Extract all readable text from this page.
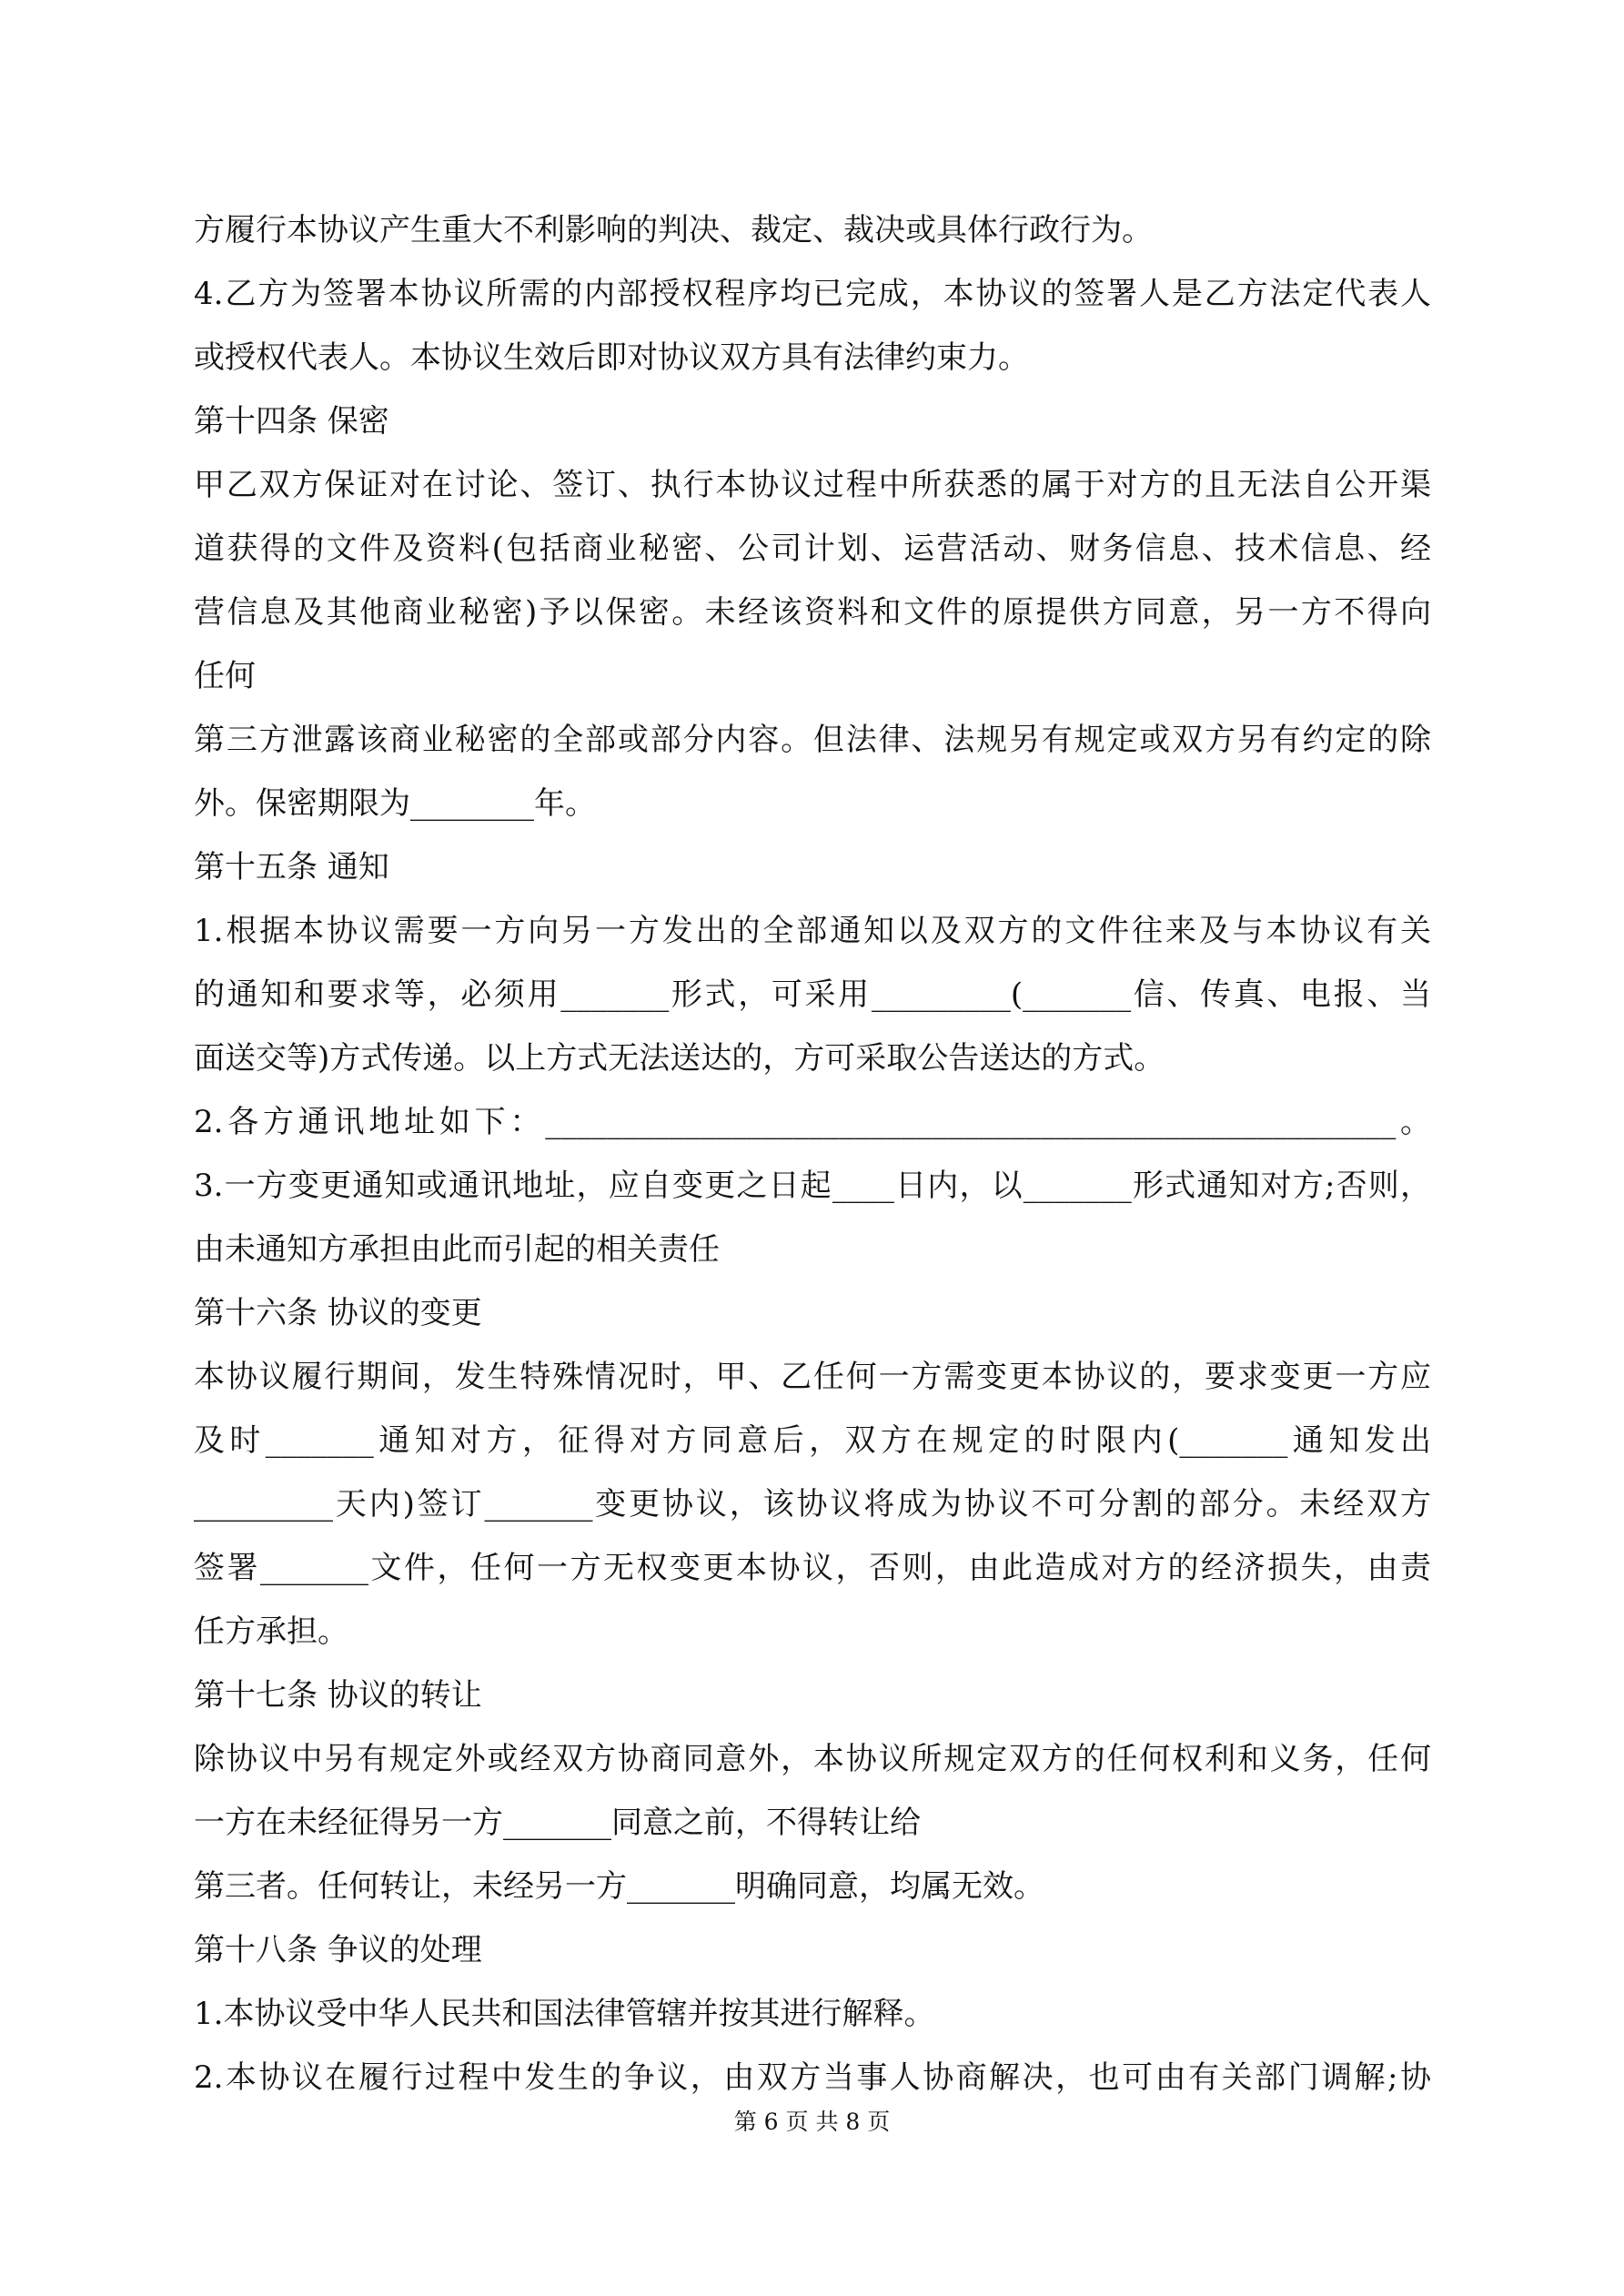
方履行本协议产生重大不利影响的判决、裁定、裁决或具体行政行为。
4.乙方为签署本协议所需的内部授权程序均已完成，本协议的签署人是乙方法定代表人
或授权代表人。本协议生效后即对协议双方具有法律约束力。
第十四条 保密
甲乙双方保证对在讨论、签订、执行本协议过程中所获悉的属于对方的且无法自公开渠
道获得的文件及资料(包括商业秘密、公司计划、运营活动、财务信息、技术信息、经
营信息及其他商业秘密)予以保密。未经该资料和文件的原提供方同意，另一方不得向
任何
第三方泄露该商业秘密的全部或部分内容。但法律、法规另有规定或双方另有约定的除
外。保密期限为________年。
第十五条 通知
1.根据本协议需要一方向另一方发出的全部通知以及双方的文件往来及与本协议有关
的通知和要求等，必须用_______形式，可采用_________(_______信、传真、电报、当
面送交等)方式传递。以上方式无法送达的，方可采取公告送达的方式。
2.各方通讯地址如下：_______________________________________________________。
3.一方变更通知或通讯地址，应自变更之日起____日内，以_______形式通知对方;否则，
由未通知方承担由此而引起的相关责任
第十六条 协议的变更
本协议履行期间，发生特殊情况时，甲、乙任何一方需变更本协议的，要求变更一方应
及时_______通知对方，征得对方同意后，双方在规定的时限内(_______通知发出
_________天内)签订_______变更协议，该协议将成为协议不可分割的部分。未经双方
签署_______文件，任何一方无权变更本协议，否则，由此造成对方的经济损失，由责
任方承担。
第十七条 协议的转让
除协议中另有规定外或经双方协商同意外，本协议所规定双方的任何权利和义务，任何
一方在未经征得另一方_______同意之前，不得转让给
第三者。任何转让，未经另一方_______明确同意，均属无效。
第十八条 争议的处理
1.本协议受中华人民共和国法律管辖并按其进行解释。
2.本协议在履行过程中发生的争议，由双方当事人协商解决，也可由有关部门调解;协
第 6 页 共 8 页
